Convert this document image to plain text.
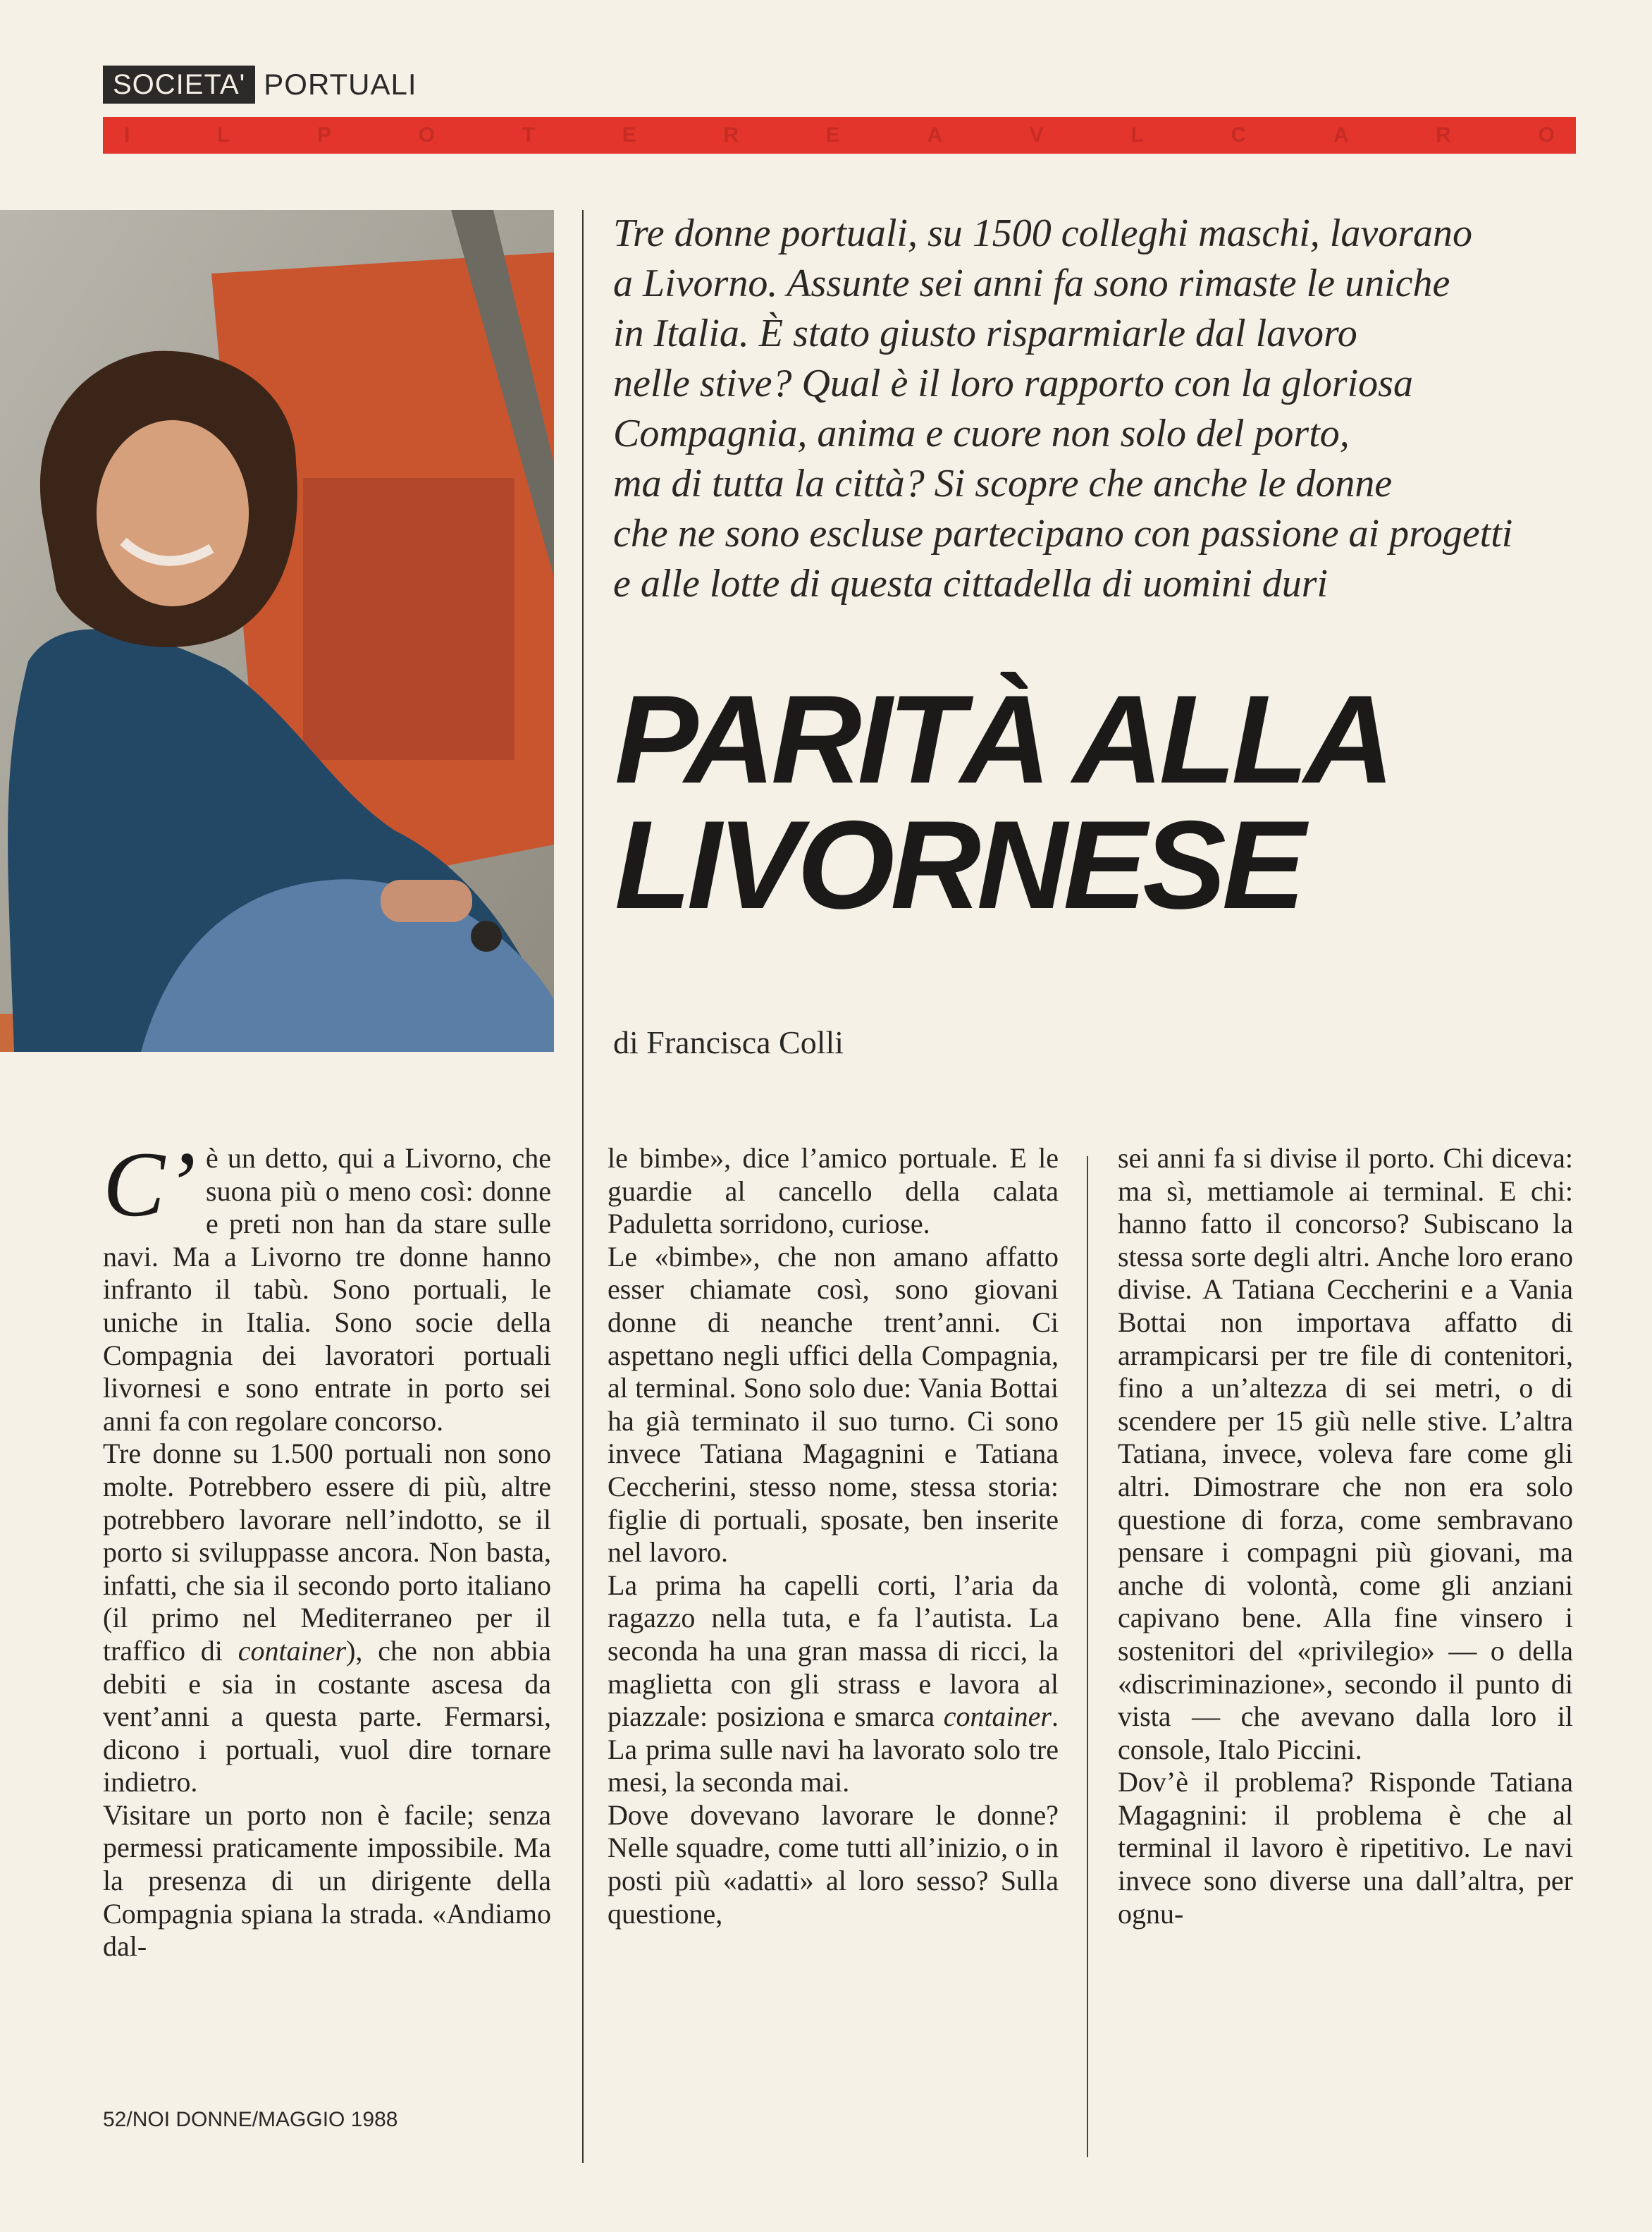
SOCIETA' PORTUALI
I	L	P	O	T	E	R	E	A	V	L	C	A	R	O
Tre donne portuali, su 1500 colleghi maschi, lavorano
a Livorno. Assunte sei anni fa sono rimaste le uniche
in Italia. È stato giusto risparmiarle dal lavoro
nelle stive? Qual è il loro rapporto con la gloriosa
Compagnia, anima e cuore non solo del porto,
ma di tutta la città? Si scopre che anche le donne
che ne sono escluse partecipano con passione ai progetti
e alle lotte di questa cittadella di uomini duri
PARITÀ ALLA
LIVORNESE
di Francisca Colli

C’ è un detto, qui a Livorno, che suona più o meno così: donne e preti non han da stare sulle navi. Ma a Livorno tre donne hanno infranto il tabù. Sono portuali, le uniche in Italia. Sono socie della Compagnia dei lavoratori portuali livornesi e sono entrate in porto sei anni fa con regolare concorso.

Tre donne su 1.500 portuali non sono molte. Potrebbero essere di più, altre potrebbero lavorare nell’indotto, se il porto si sviluppasse ancora. Non basta, infatti, che sia il secondo porto italiano (il primo nel Mediterraneo per il traffico di container), che non abbia debiti e sia in costante ascesa da vent’anni a questa parte. Fermarsi, dicono i portuali, vuol dire tornare indietro.

Visitare un porto non è facile; senza permessi praticamente impossibile. Ma la presenza di un dirigente della Compagnia spiana la strada. «Andiamo dal-

le bimbe», dice l’amico portuale. E le guardie al cancello della calata Paduletta sorridono, curiose.

Le «bimbe», che non amano affatto esser chiamate così, sono giovani donne di neanche trent’anni. Ci aspettano negli uffici della Compagnia, al terminal. Sono solo due: Vania Bottai ha già terminato il suo turno. Ci sono invece Tatiana Magagnini e Tatiana Ceccherini, stesso nome, stessa storia: figlie di portuali, sposate, ben inserite nel lavoro.

La prima ha capelli corti, l’aria da ragazzo nella tuta, e fa l’autista. La seconda ha una gran massa di ricci, la maglietta con gli strass e lavora al piazzale: posiziona e smarca container. La prima sulle navi ha lavorato solo tre mesi, la seconda mai.

Dove dovevano lavorare le donne? Nelle squadre, come tutti all’inizio, o in posti più «adatti» al loro sesso? Sulla questione,

sei anni fa si divise il porto. Chi diceva: ma sì, mettiamole ai terminal. E chi: hanno fatto il concorso? Subiscano la stessa sorte degli altri. Anche loro erano divise. A Tatiana Ceccherini e a Vania Bottai non importava affatto di arrampicarsi per tre file di contenitori, fino a un’altezza di sei metri, o di scendere per 15 giù nelle stive. L’altra Tatiana, invece, voleva fare come gli altri. Dimostrare che non era solo questione di forza, come sembravano pensare i compagni più giovani, ma anche di volontà, come gli anziani capivano bene. Alla fine vinsero i sostenitori del «privilegio» — o della «discriminazione», secondo il punto di vista — che avevano dalla loro il console, Italo Piccini.

Dov’è il problema? Risponde Tatiana Magagnini: il problema è che al terminal il lavoro è ripetitivo. Le navi invece sono diverse una dall’altra, per ognu-

52/NOI DONNE/MAGGIO 1988
